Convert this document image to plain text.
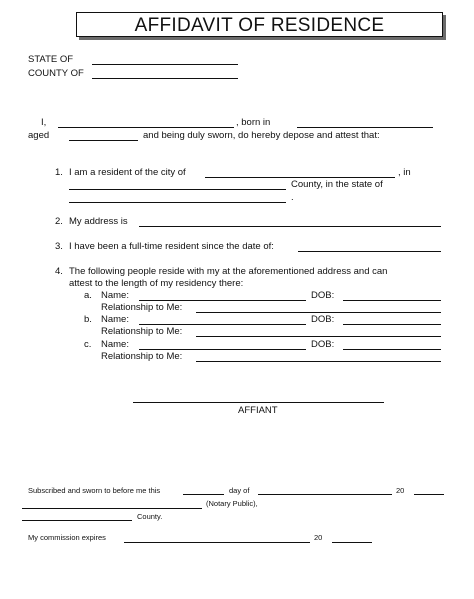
AFFIDAVIT OF RESIDENCE
STATE OF
COUNTY OF
I,	, born in
aged	and being duly sworn, do hereby depose and attest that:
1. I am a resident of the city of	, in
County, in the state of
.
2. My address is
3. I have been a full-time resident since the date of:
4. The following people reside with my at the aforementioned address and can
attest to the length of my residency there:
a. Name:	DOB:
Relationship to Me:
b. Name:	DOB:
Relationship to Me:
c. Name:	DOB:
Relationship to Me:
AFFIANT
Subscribed and sworn to before me this	day of	20
(Notary Public),
County.
My commission expires	20
